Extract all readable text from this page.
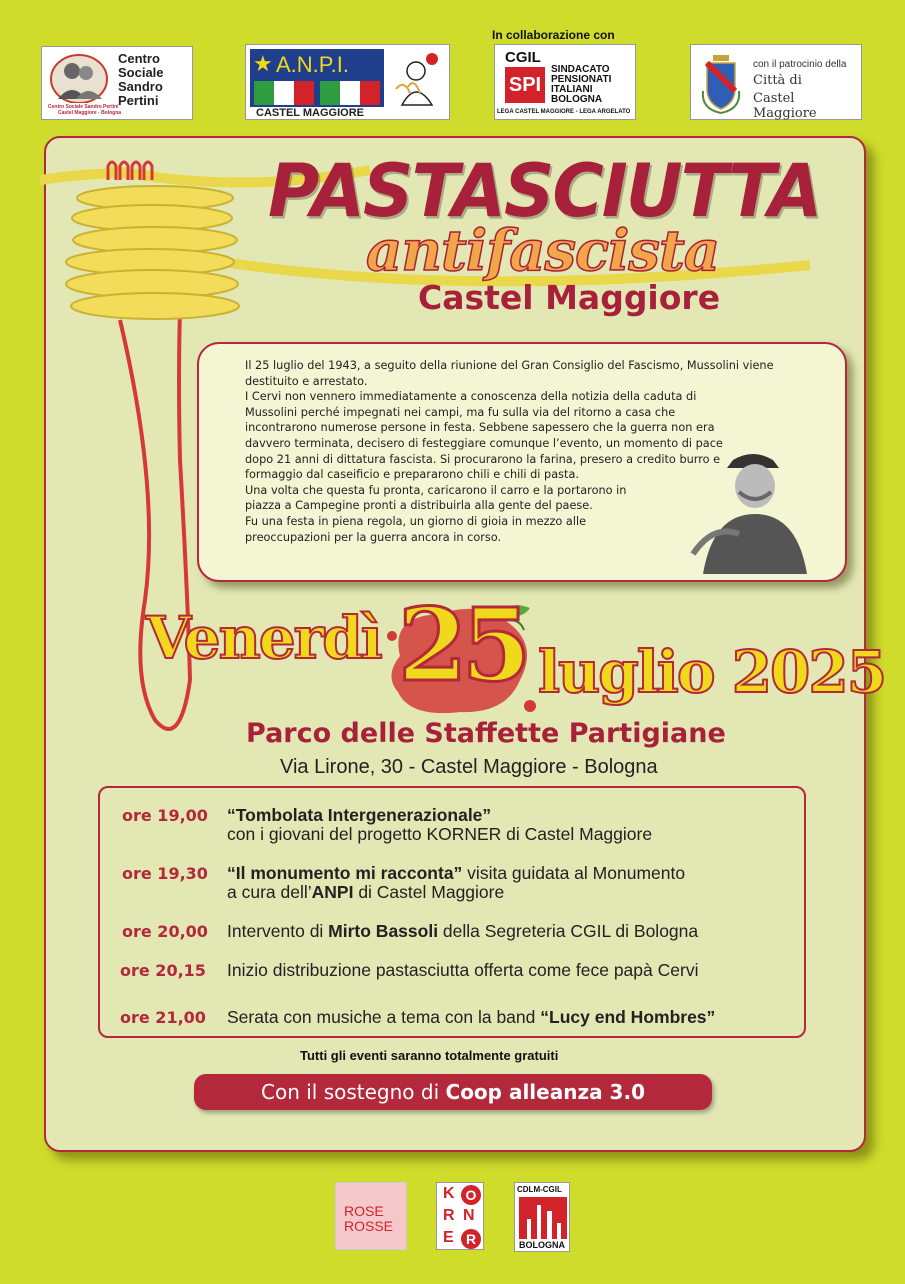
Centro
Sociale
Sandro
Pertini
Centro Sociale Sandro Pertini
Castel Maggiore - Bologna
★ A.N.P.I.
CASTEL MAGGIORE
In collaborazione con
CGIL
SPI
SINDACATO
PENSIONATI
ITALIANI
BOLOGNA
LEGA CASTEL MAGGIORE - LEGA ARGELATO
con il patrocinio della
Città di
Castel Maggiore
PASTASCIUTTA
antifascista
Castel Maggiore

Il 25 luglio del 1943, a seguito della riunione del Gran Consiglio del Fascismo, Mussolini viene destituito e arrestato.

I Cervi non vennero immediatamente a conoscenza della notizia della caduta di Mussolini perché impegnati nei campi, ma fu sulla via del ritorno a casa che incontrarono numerose persone in festa. Sebbene sapessero che la guerra non era davvero terminata, decisero di festeggiare comunque l’evento, un momento di pace dopo 21 anni di dittatura fascista. Si procurarono la farina, presero a credito burro e formaggio dal caseificio e prepararono chili e chili di pasta.

Una volta che questa fu pronta, caricarono il carro e la portarono in piazza a Campegine pronti a distribuirla alla gente del paese.

Fu una festa in piena regola, un giorno di gioia in mezzo alle preoccupazioni per la guerra ancora in corso.

Venerdì 25 luglio 2025
Parco delle Staffette Partigiane
Via Lirone, 30 - Castel Maggiore - Bologna
ore 19,00 “Tombolata Intergenerazionale”
con i giovani del progetto KORNER di Castel Maggiore
ore 19,30 “Il monumento mi racconta” visita guidata al Monumento
a cura dell’ANPI di Castel Maggiore
ore 20,00 Intervento di Mirto Bassoli della Segreteria CGIL di Bologna
ore 20,15 Inizio distribuzione pastasciutta offerta come fece papà Cervi
ore 21,00 Serata con musiche a tema con la band “Lucy end Hombres”
Tutti gli eventi saranno totalmente gratuiti
Con il sostegno di Coop alleanza 3.0
ROSE
ROSSE
K O
R N
E R
CDLM-CGIL
BOLOGNA
